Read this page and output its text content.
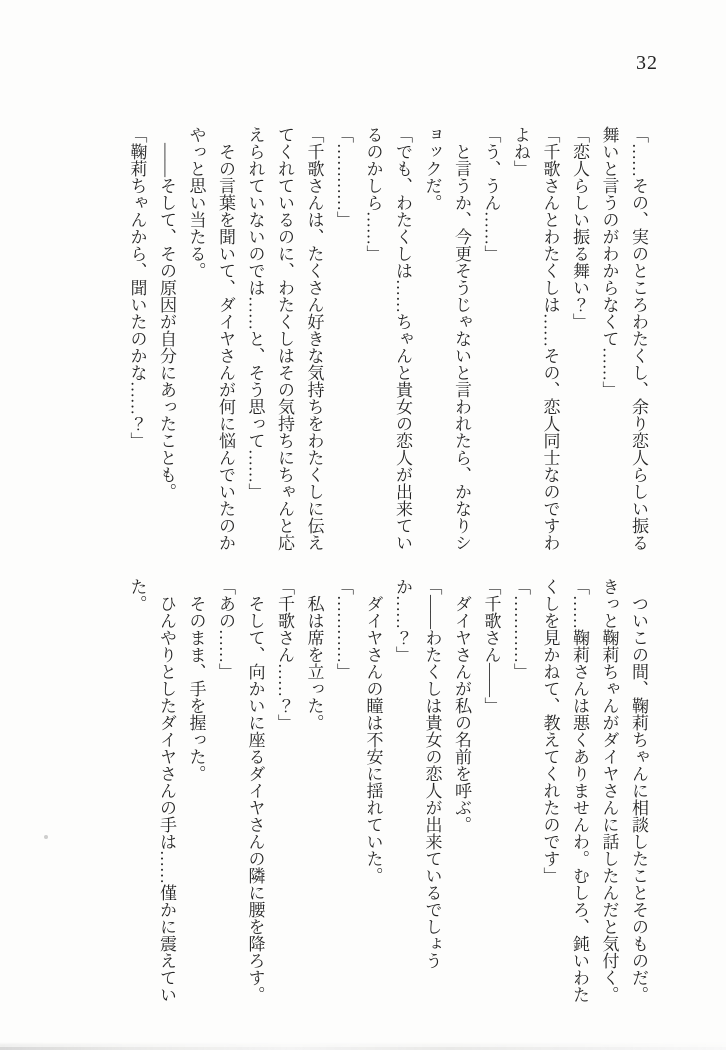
32

「……その、実のところわたくし、余り恋人らしい振る舞いと言うのがわからなくて……」

「恋人らしい振る舞い？」

「千歌さんとわたくしは……その、恋人同士なのですわよね」

「う、うん……」

と言うか、今更そうじゃないと言われたら、かなりショックだ。

「でも、わたくしは……ちゃんと貴女の恋人が出来ているのかしら……」

「…………」

「千歌さんは、たくさん好きな気持ちをわたくしに伝えてくれているのに、わたくしはその気持ちにちゃんと応えられていないのでは……と、そう思って……」

その言葉を聞いて、ダイヤさんが何に悩んでいたのかやっと思い当たる。

——そして、その原因が自分にあったことも。

「鞠莉ちゃんから、聞いたのかな……？」

ついこの間、鞠莉ちゃんに相談したことそのものだ。きっと鞠莉ちゃんがダイヤさんに話したんだと気付く。

「……鞠莉さんは悪くありませんわ。むしろ、鈍いわたくしを見かねて、教えてくれたのです」

「…………」

「千歌さん——」

ダイヤさんが私の名前を呼ぶ。

「——わたくしは貴女の恋人が出来ているでしょうか……？」

ダイヤさんの瞳は不安に揺れていた。

「…………」

私は席を立った。

「千歌さん……？」

そして、向かいに座るダイヤさんの隣に腰を降ろす。

「あの……」

そのまま、手を握った。

ひんやりとしたダイヤさんの手は……僅かに震えていた。
